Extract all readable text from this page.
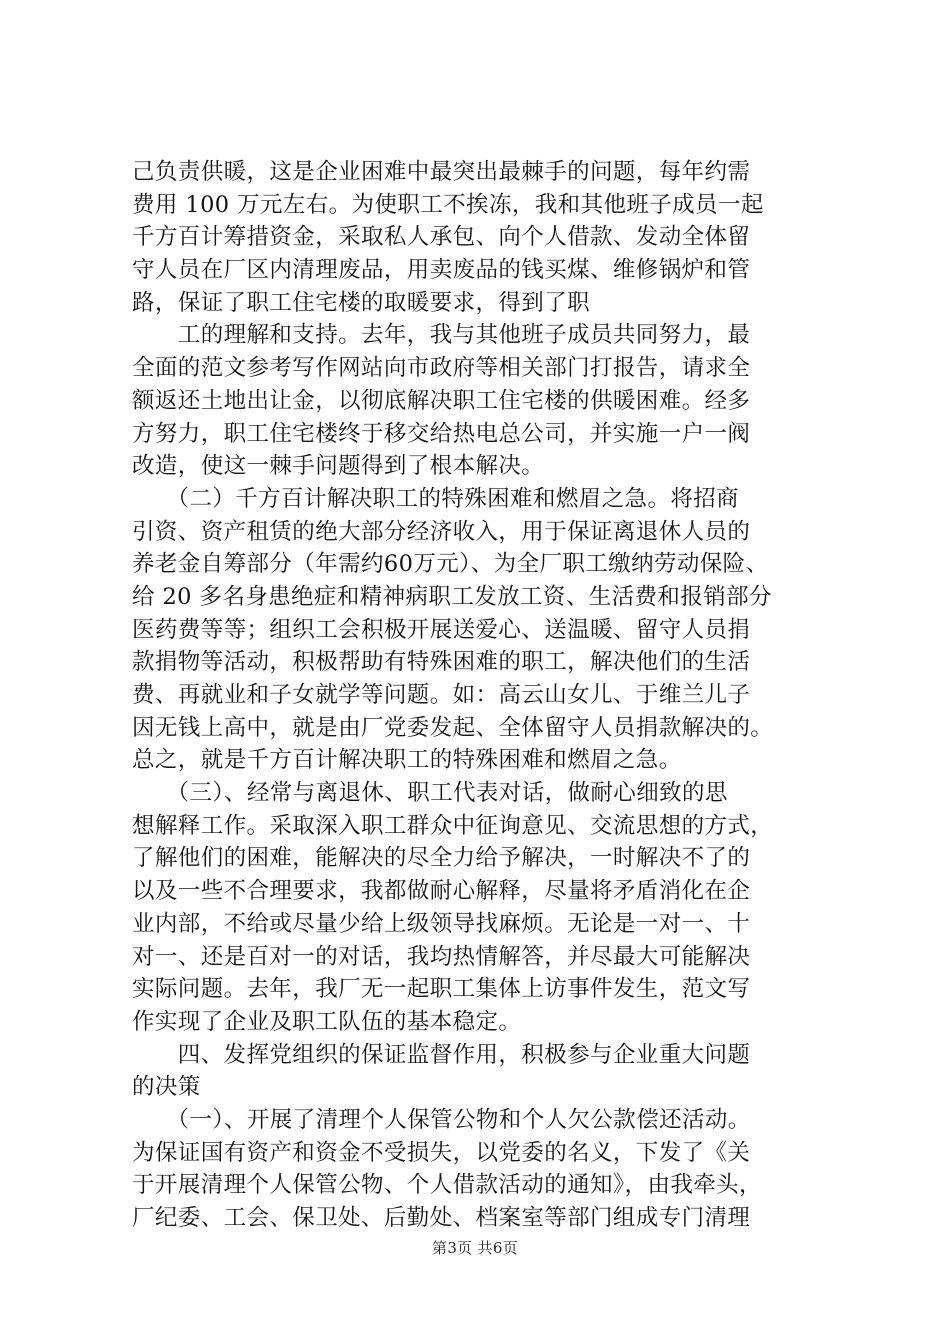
己负责供暖，这是企业困难中最突出最棘手的问题，每年约需
费用 100 万元左右。为使职工不挨冻，我和其他班子成员一起
千方百计筹措资金，采取私人承包、向个人借款、发动全体留
守人员在厂区内清理废品，用卖废品的钱买煤、维修锅炉和管
路，保证了职工住宅楼的取暖要求，得到了职
　　工的理解和支持。去年，我与其他班子成员共同努力，最
全面的范文参考写作网站向市政府等相关部门打报告，请求全
额返还土地出让金，以彻底解决职工住宅楼的供暖困难。经多
方努力，职工住宅楼终于移交给热电总公司，并实施一户一阀
改造，使这一棘手问题得到了根本解决。
　　（二）千方百计解决职工的特殊困难和燃眉之急。将招商
引资、资产租赁的绝大部分经济收入，用于保证离退休人员的
养老金自筹部分（年需约60万元）、为全厂职工缴纳劳动保险、
给 20 多名身患绝症和精神病职工发放工资、生活费和报销部分
医药费等等；组织工会积极开展送爱心、送温暖、留守人员捐
款捐物等活动，积极帮助有特殊困难的职工，解决他们的生活
费、再就业和子女就学等问题。如：高云山女儿、于维兰儿子
因无钱上高中，就是由厂党委发起、全体留守人员捐款解决的。
总之，就是千方百计解决职工的特殊困难和燃眉之急。
　　（三）、经常与离退休、职工代表对话，做耐心细致的思
想解释工作。采取深入职工群众中征询意见、交流思想的方式，
了解他们的困难，能解决的尽全力给予解决，一时解决不了的
以及一些不合理要求，我都做耐心解释，尽量将矛盾消化在企
业内部，不给或尽量少给上级领导找麻烦。无论是一对一、十
对一、还是百对一的对话，我均热情解答，并尽最大可能解决
实际问题。去年，我厂无一起职工集体上访事件发生，范文写
作实现了企业及职工队伍的基本稳定。
　　四、发挥党组织的保证监督作用，积极参与企业重大问题
的决策
　　（一）、开展了清理个人保管公物和个人欠公款偿还活动。
为保证国有资产和资金不受损失，以党委的名义，下发了《关
于开展清理个人保管公物、个人借款活动的通知》，由我牵头，
厂纪委、工会、保卫处、后勤处、档案室等部门组成专门清理
第3页 共6页
